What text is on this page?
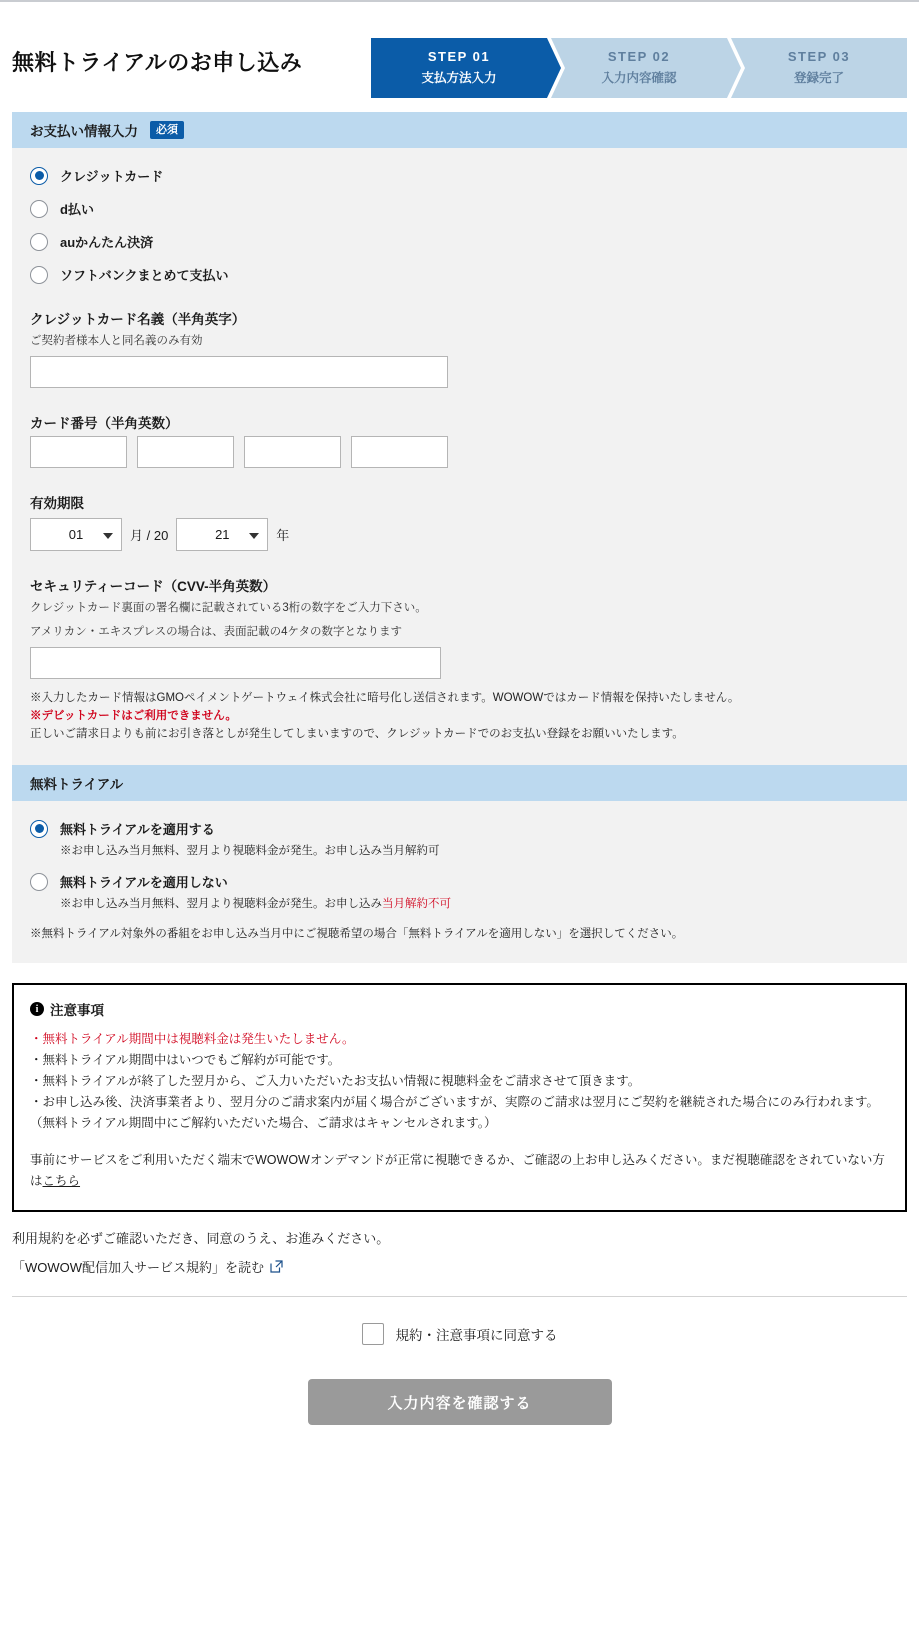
無料トライアルのお申し込み	STEP 01
支払方法入力
STEP 02
入力内容確認
STEP 03
登録完了
お支払い情報入力	必須
クレジットカード
d払い
auかんたん決済
ソフトバンクまとめて支払い
クレジットカード名義（半角英字）
ご契約者様本人と同名義のみ有効
カード番号（半角英数）
有効期限
01	月 / 20	21	年
セキュリティーコード（CVV-半角英数）
クレジットカード裏面の署名欄に記載されている3桁の数字をご入力下さい。
アメリカン・エキスプレスの場合は、表面記載の4ケタの数字となります
※入力したカード情報はGMOペイメントゲートウェイ株式会社に暗号化し送信されます。WOWOWではカード情報を保持いたしません。
※デビットカードはご利用できません。
正しいご請求日よりも前にお引き落としが発生してしまいますので、クレジットカードでのお支払い登録をお願いいたします。
無料トライアル
無料トライアルを適用する
※お申し込み当月無料、翌月より視聴料金が発生。お申し込み当月解約可
無料トライアルを適用しない
※お申し込み当月無料、翌月より視聴料金が発生。お申し込み当月解約不可
※無料トライアル対象外の番組をお申し込み当月中にご視聴希望の場合「無料トライアルを適用しない」を選択してください。
i 注意事項
・無料トライアル期間中は視聴料金は発生いたしません。
・無料トライアル期間中はいつでもご解約が可能です。
・無料トライアルが終了した翌月から、ご入力いただいたお支払い情報に視聴料金をご請求させて頂きます。
・お申し込み後、決済事業者より、翌月分のご請求案内が届く場合がございますが、実際のご請求は翌月にご契約を継続された場合にのみ行われます。
（無料トライアル期間中にご解約いただいた場合、ご請求はキャンセルされます。）
事前にサービスをご利用いただく端末でWOWOWオンデマンドが正常に視聴できるか、ご確認の上お申し込みください。まだ視聴確認をされていない方はこちら
利用規約を必ずご確認いただき、同意のうえ、お進みください。
「WOWOW配信加入サービス規約」を読む
規約・注意事項に同意する
入力内容を確認する
